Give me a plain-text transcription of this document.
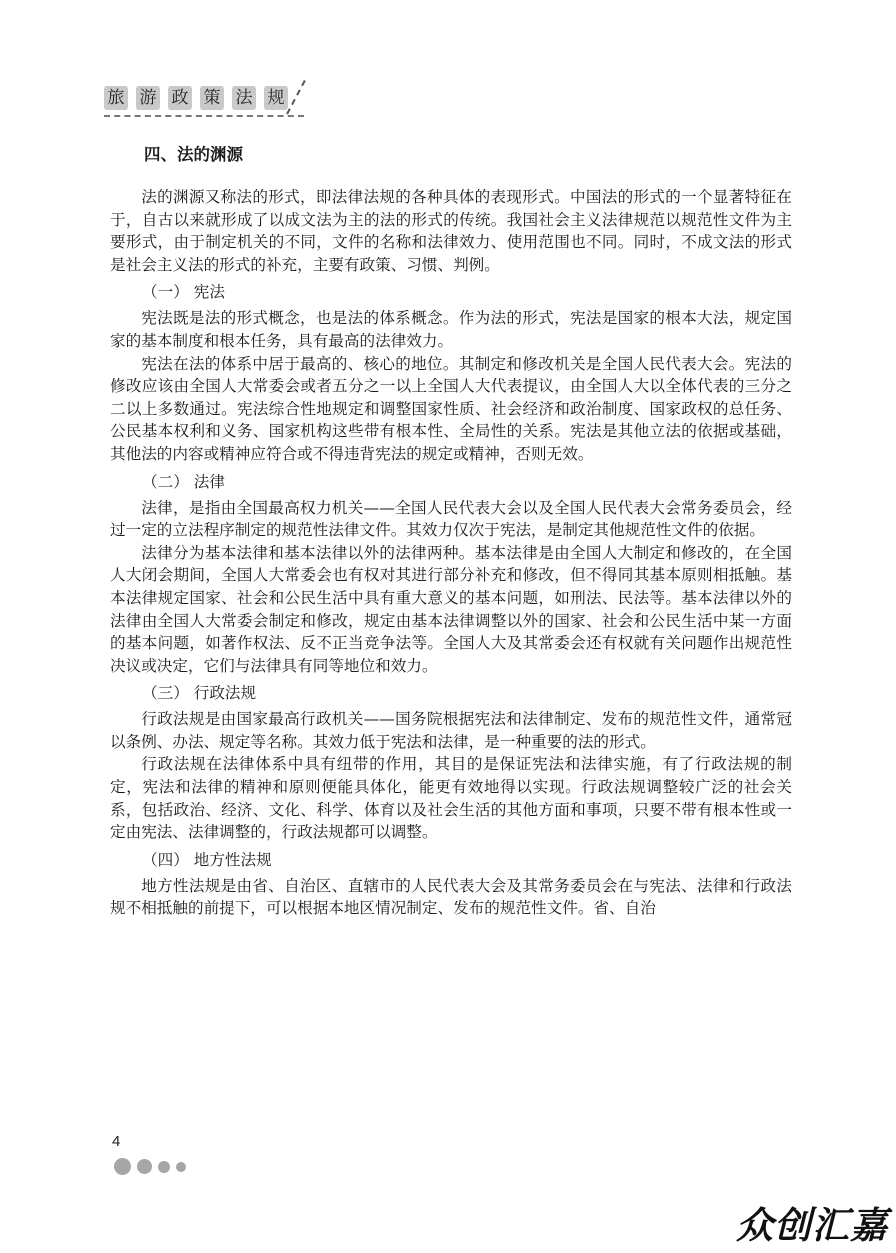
旅 游 政 策 法 规
四、法的渊源

法的渊源又称法的形式，即法律法规的各种具体的表现形式。中国法的形式的一个显著特征在于，自古以来就形成了以成文法为主的法的形式的传统。我国社会主义法律规范以规范性文件为主要形式，由于制定机关的不同，文件的名称和法律效力、使用范围也不同。同时，不成文法的形式是社会主义法的形式的补充，主要有政策、习惯、判例。

（一） 宪法

宪法既是法的形式概念，也是法的体系概念。作为法的形式，宪法是国家的根本大法，规定国家的基本制度和根本任务，具有最高的法律效力。

宪法在法的体系中居于最高的、核心的地位。其制定和修改机关是全国人民代表大会。宪法的修改应该由全国人大常委会或者五分之一以上全国人大代表提议，由全国人大以全体代表的三分之二以上多数通过。宪法综合性地规定和调整国家性质、社会经济和政治制度、国家政权的总任务、公民基本权利和义务、国家机构这些带有根本性、全局性的关系。宪法是其他立法的依据或基础，其他法的内容或精神应符合或不得违背宪法的规定或精神，否则无效。

（二） 法律

法律，是指由全国最高权力机关——全国人民代表大会以及全国人民代表大会常务委员会，经过一定的立法程序制定的规范性法律文件。其效力仅次于宪法，是制定其他规范性文件的依据。

法律分为基本法律和基本法律以外的法律两种。基本法律是由全国人大制定和修改的，在全国人大闭会期间，全国人大常委会也有权对其进行部分补充和修改，但不得同其基本原则相抵触。基本法律规定国家、社会和公民生活中具有重大意义的基本问题，如刑法、民法等。基本法律以外的法律由全国人大常委会制定和修改，规定由基本法律调整以外的国家、社会和公民生活中某一方面的基本问题，如著作权法、反不正当竞争法等。全国人大及其常委会还有权就有关问题作出规范性决议或决定，它们与法律具有同等地位和效力。

（三） 行政法规

行政法规是由国家最高行政机关——国务院根据宪法和法律制定、发布的规范性文件，通常冠以条例、办法、规定等名称。其效力低于宪法和法律，是一种重要的法的形式。

行政法规在法律体系中具有纽带的作用，其目的是保证宪法和法律实施，有了行政法规的制定，宪法和法律的精神和原则便能具体化，能更有效地得以实现。行政法规调整较广泛的社会关系，包括政治、经济、文化、科学、体育以及社会生活的其他方面和事项，只要不带有根本性或一定由宪法、法律调整的，行政法规都可以调整。

（四） 地方性法规

地方性法规是由省、自治区、直辖市的人民代表大会及其常务委员会在与宪法、法律和行政法规不相抵触的前提下，可以根据本地区情况制定、发布的规范性文件。省、自治

4
众创汇嘉
